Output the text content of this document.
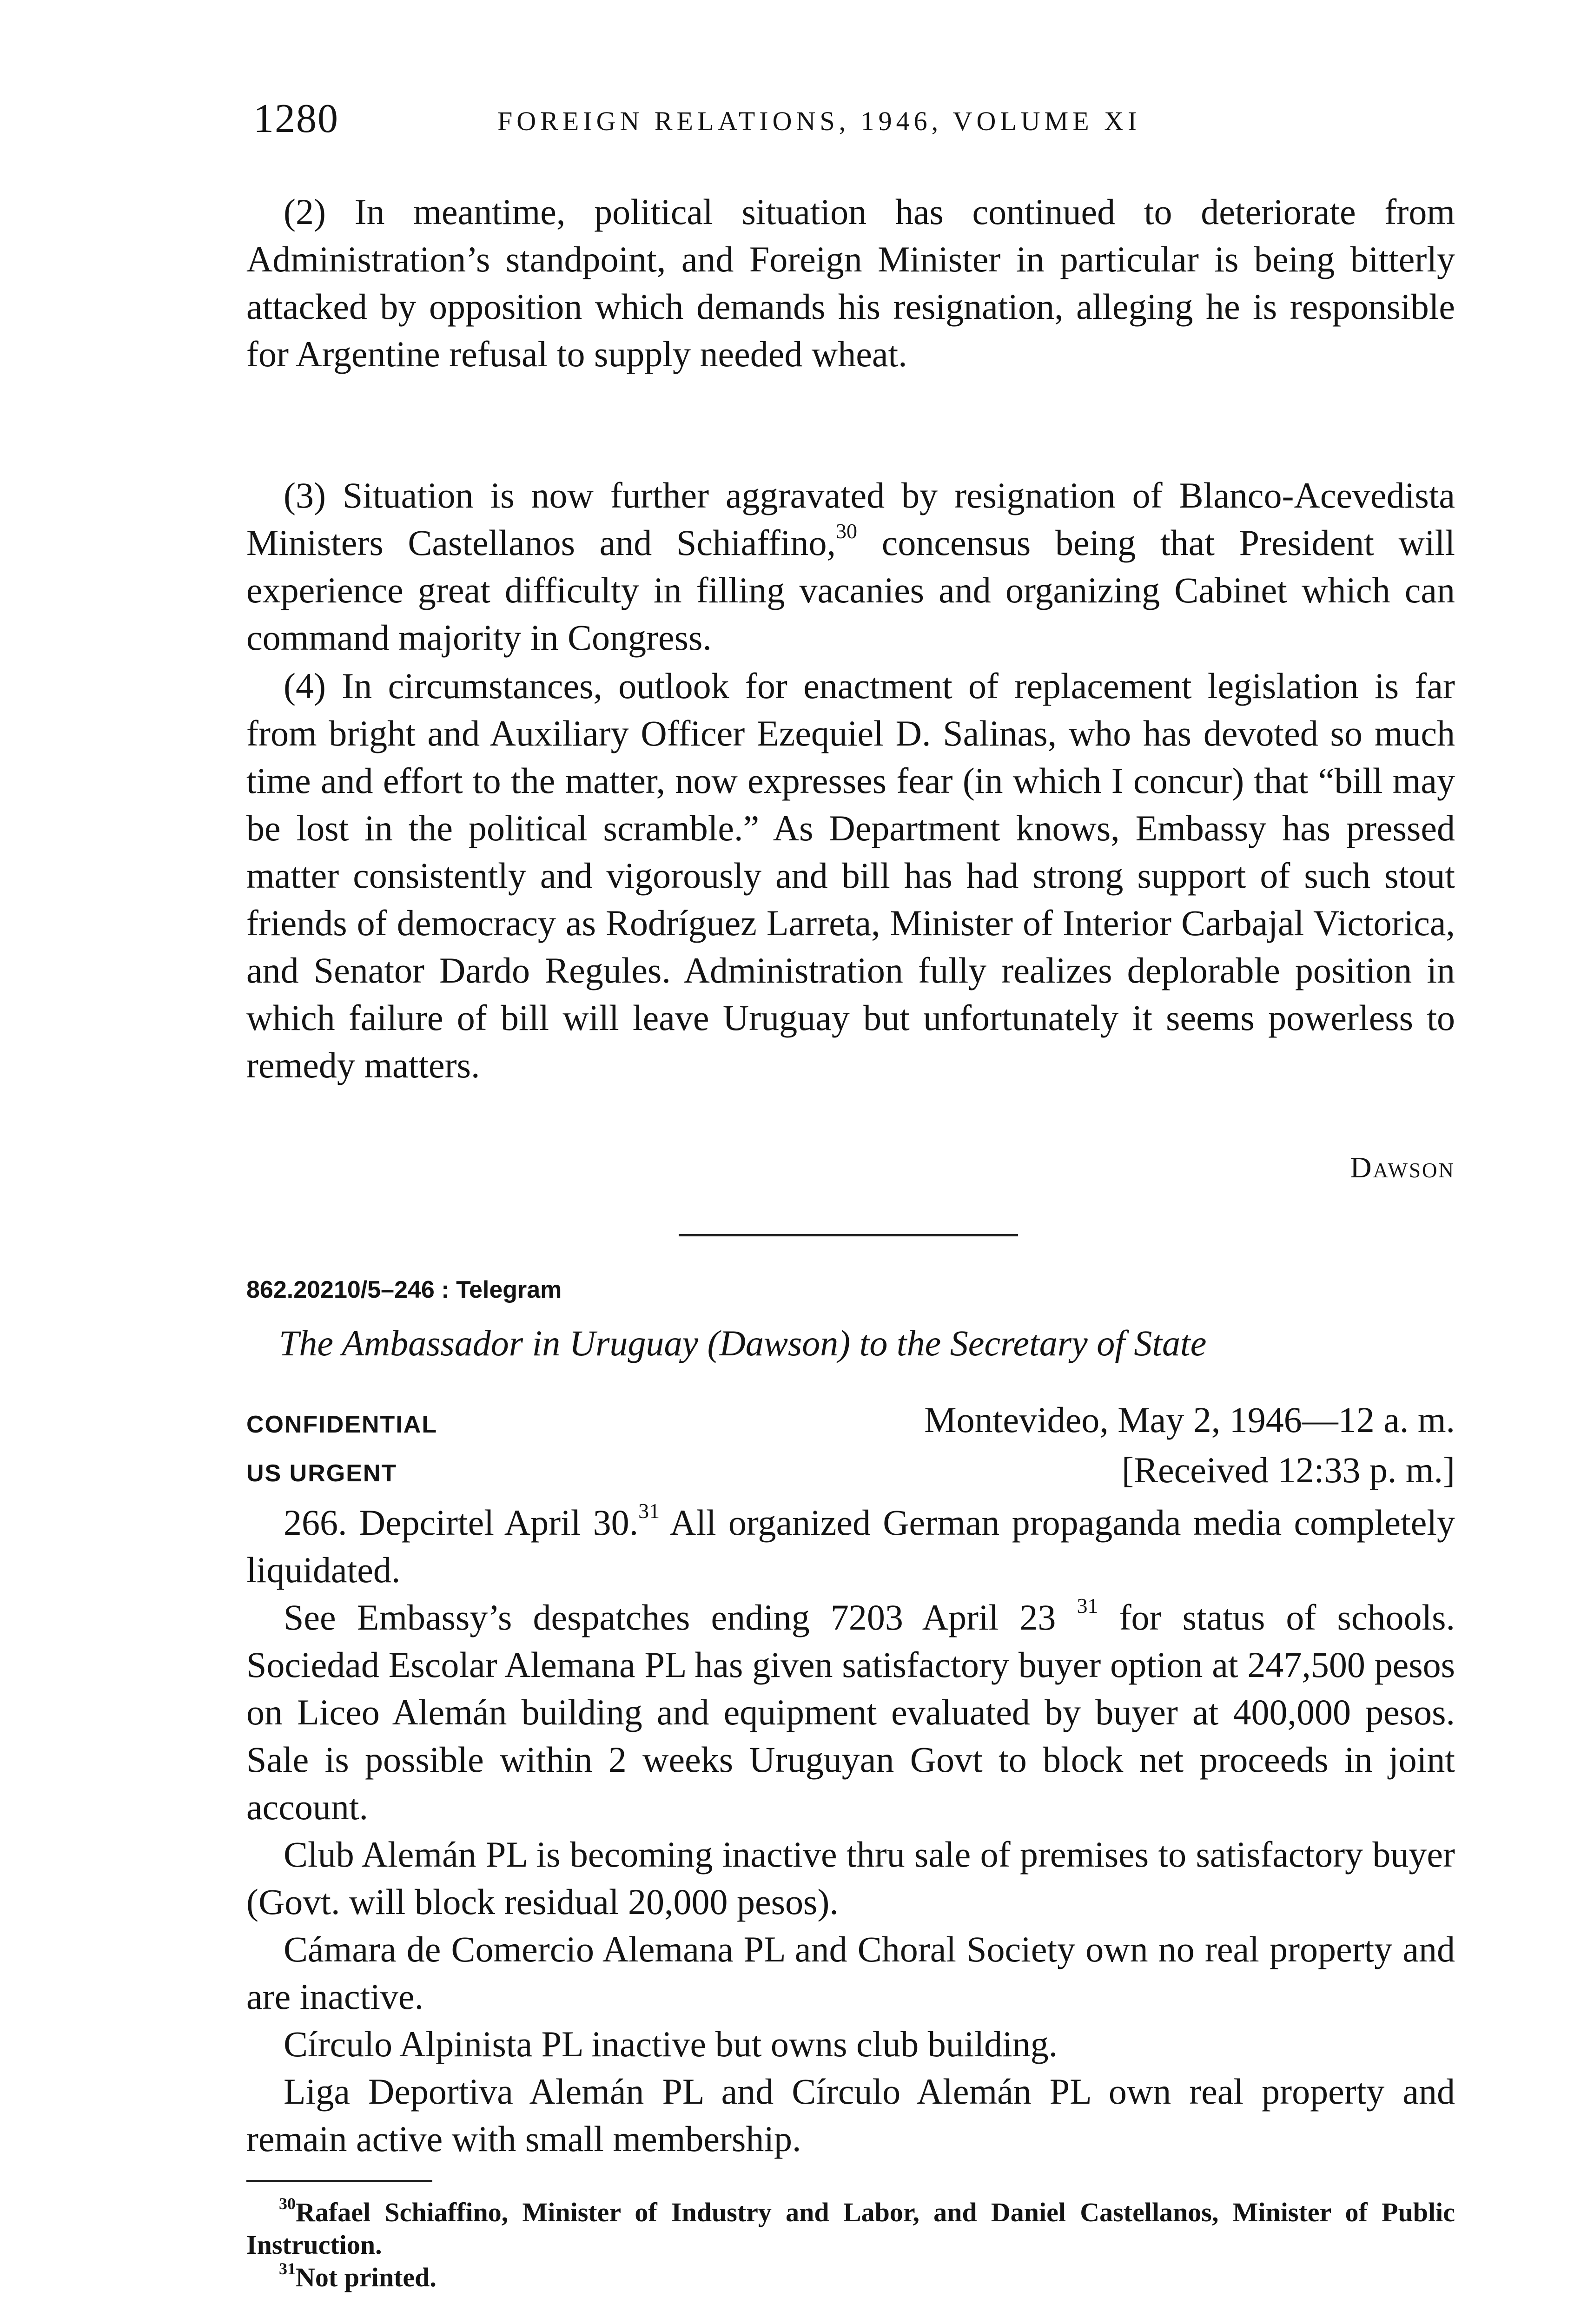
1280	FOREIGN RELATIONS, 1946, VOLUME XI

(2) In meantime, political situation has continued to deteriorate from Administration’s standpoint, and Foreign Minister in particular is being bitterly attacked by opposition which demands his resignation, alleging he is responsible for Argentine refusal to supply needed wheat.

(3) Situation is now further aggravated by resignation of Blanco-Acevedista Ministers Castellanos and Schiaffino,$^{30}$ concensus being that President will experience great difficulty in filling vacanies and organizing Cabinet which can command majority in Congress.

(4) In circumstances, outlook for enactment of replacement legislation is far from bright and Auxiliary Officer Ezequiel D. Salinas, who has devoted so much time and effort to the matter, now expresses fear (in which I concur) that “bill may be lost in the political scramble.” As Department knows, Embassy has pressed matter consistently and vigorously and bill has had strong support of such stout friends of democracy as Rodríguez Larreta, Minister of Interior Carbajal Victorica, and Senator Dardo Regules. Administration fully realizes deplorable position in which failure of bill will leave Uruguay but unfortunately it seems powerless to remedy matters.

Dawson
862.20210/5–246 : Telegram
The Ambassador in Uruguay (Dawson) to the Secretary of State
CONFIDENTIAL
US URGENT
Montevideo, May 2, 1946—12 a. m.
[Received 12:33 p. m.]

266. Depcirtel April 30.31 All organized German propaganda media completely liquidated.

See Embassy’s despatches ending 7203 April 23 $^{31}$ for status of schools. Sociedad Escolar Alemana PL has given satisfactory buyer option at 247,500 pesos on Liceo Alemán building and equipment evaluated by buyer at 400,000 pesos. Sale is possible within 2 weeks Uruguyan Govt to block net proceeds in joint account.

Club Alemán PL is becoming inactive thru sale of premises to satisfactory buyer (Govt. will block residual 20,000 pesos).

Cámara de Comercio Alemana PL and Choral Society own no real property and are inactive.

Círculo Alpinista PL inactive but owns club building.

Liga Deportiva Alemán PL and Círculo Alemán PL own real property and remain active with small membership.

$^{30}$Rafael Schiaffino, Minister of Industry and Labor, and Daniel Castellanos, Minister of Public Instruction.

$^{31}$Not printed.
